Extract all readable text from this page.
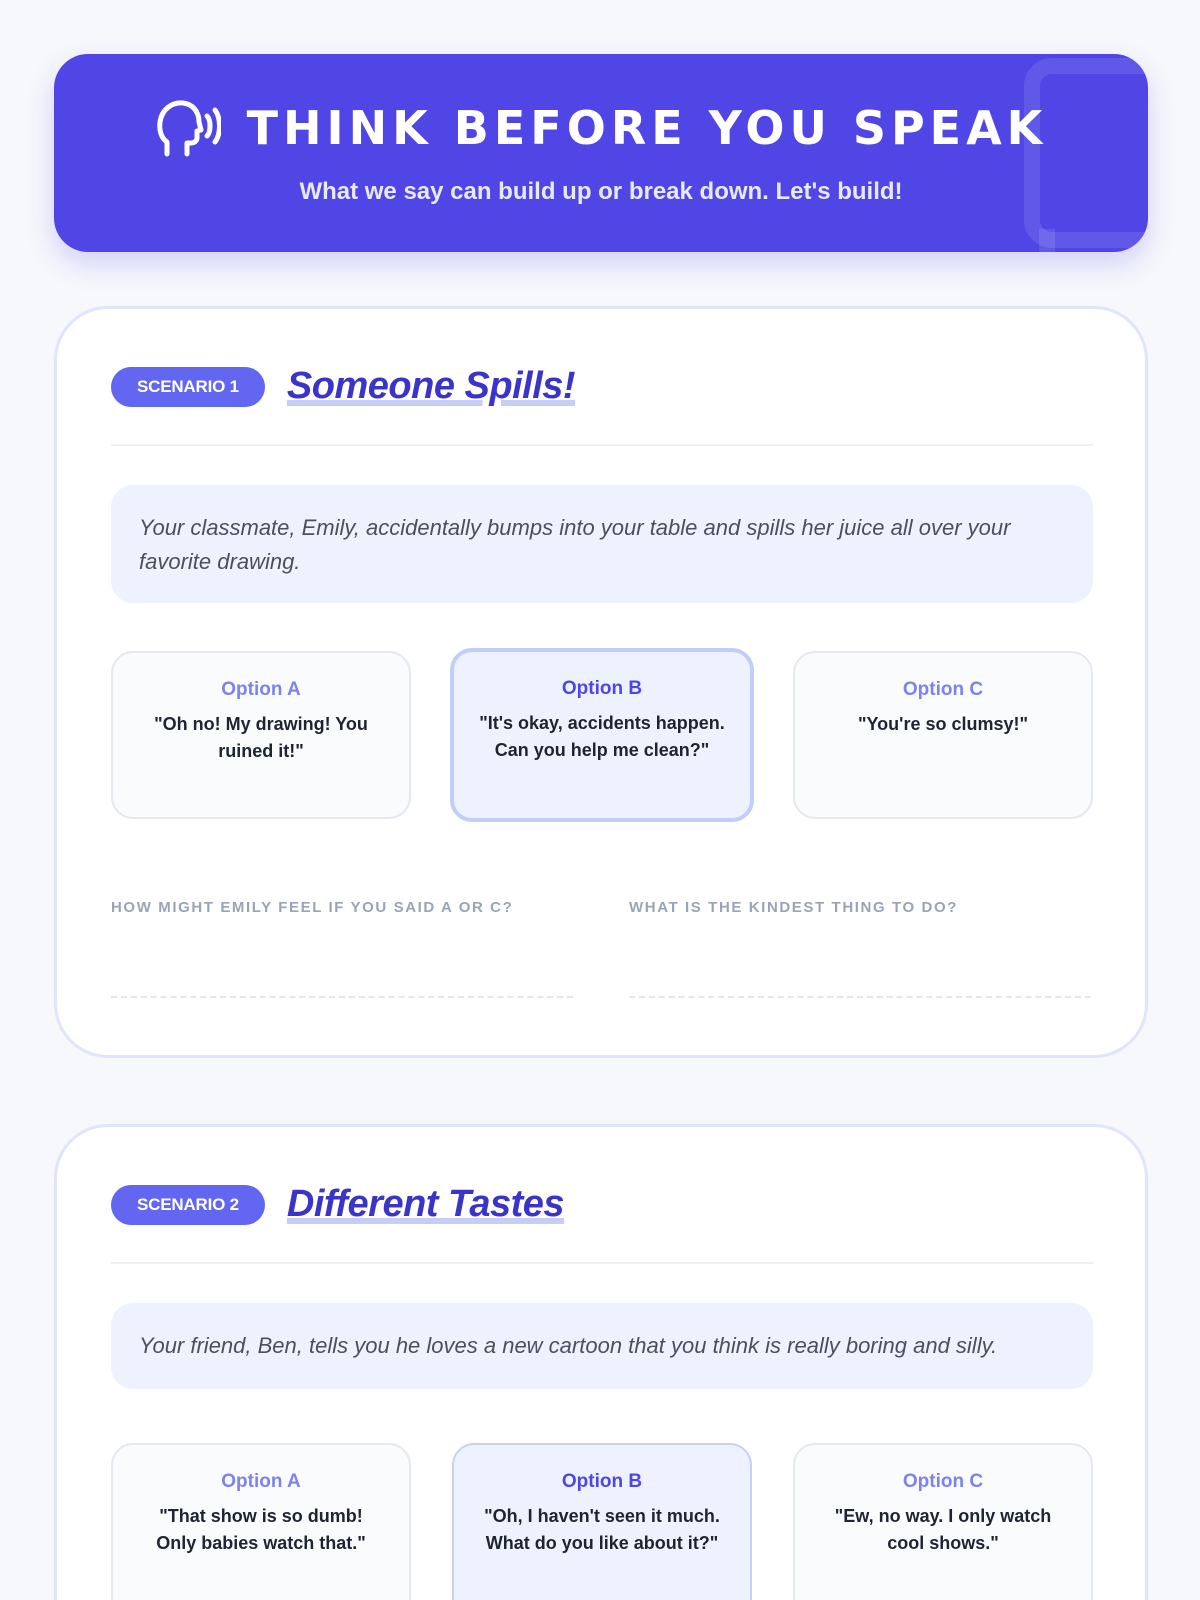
THINK BEFORE YOU SPEAK
What we say can build up or break down. Let's build!
SCENARIO 1	Someone Spills!
Your classmate, Emily, accidentally bumps into your table and spills her juice all over your favorite drawing.
Option A
"Oh no! My drawing! You ruined it!"
Option B
"It's okay, accidents happen. Can you help me clean?"
Option C
"You're so clumsy!"
HOW MIGHT EMILY FEEL IF YOU SAID A OR C?	WHAT IS THE KINDEST THING TO DO?
SCENARIO 2	Different Tastes
Your friend, Ben, tells you he loves a new cartoon that you think is really boring and silly.
Option A
"That show is so dumb! Only babies watch that."
Option B
"Oh, I haven't seen it much. What do you like about it?"
Option C
"Ew, no way. I only watch cool shows."
